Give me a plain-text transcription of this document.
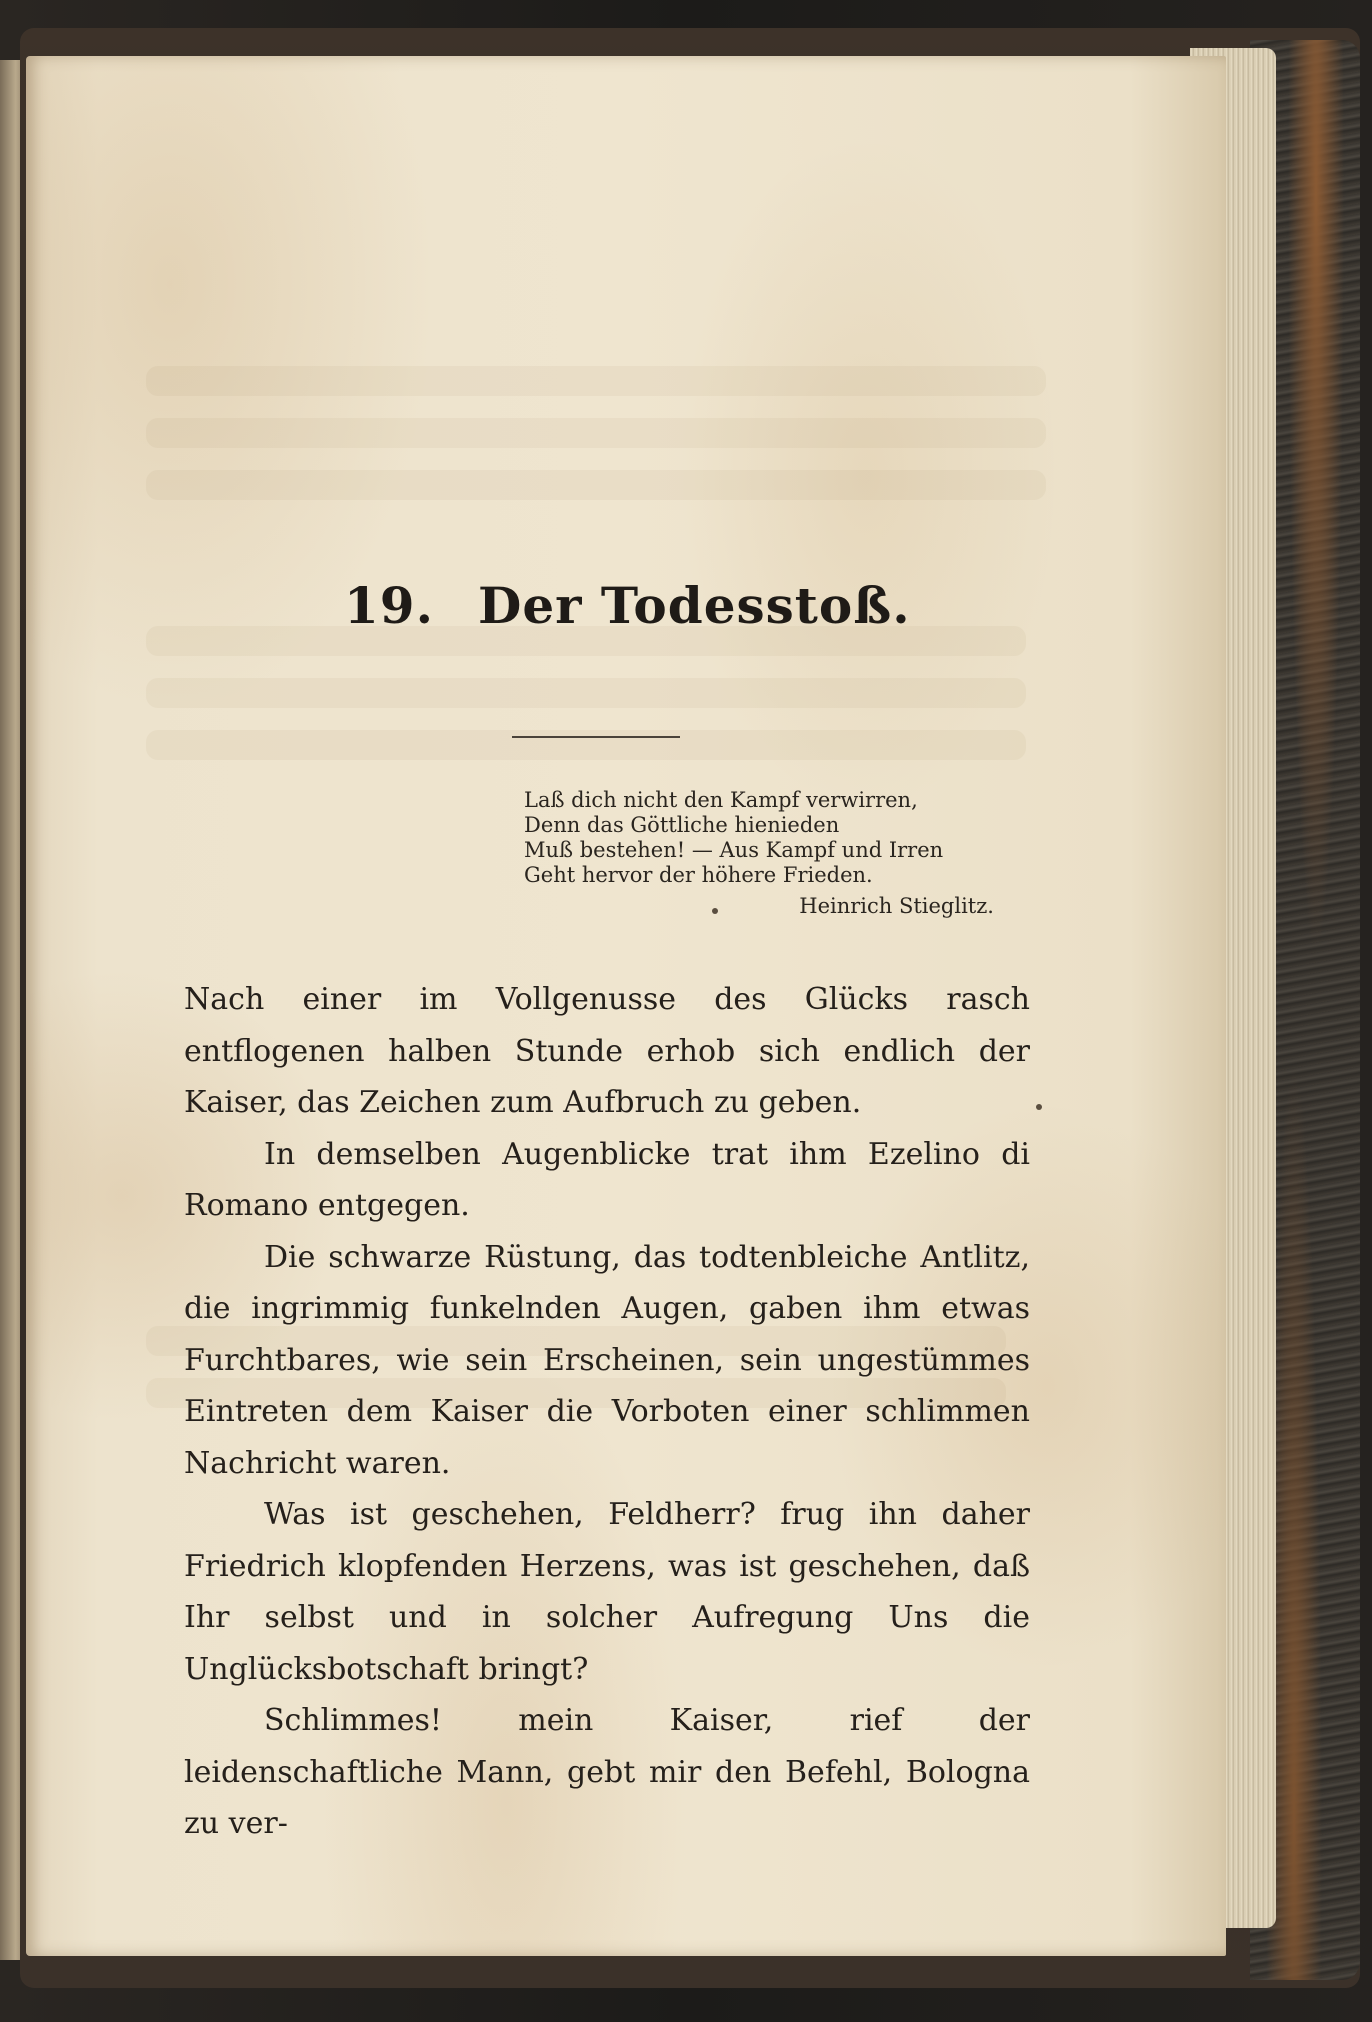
19. Der Todesstoß.
Laß dich nicht den Kampf verwirren,
Denn das Göttliche hienieden
Muß bestehen! — Aus Kampf und Irren
Geht hervor der höhere Frieden.
Heinrich Stieglitz.

Nach einer im Vollgenusse des Glücks rasch entflogenen halben Stunde erhob sich endlich der Kaiser, das Zeichen zum Aufbruch zu geben.

In demselben Augenblicke trat ihm Ezelino di Romano entgegen.

Die schwarze Rüstung, das todtenbleiche Antlitz, die ingrimmig funkelnden Augen, gaben ihm etwas Furchtbares, wie sein Erscheinen, sein ungestümmes Eintreten dem Kaiser die Vorboten einer schlimmen Nachricht waren.

Was ist geschehen, Feldherr? frug ihn daher Friedrich klopfenden Herzens, was ist geschehen, daß Ihr selbst und in solcher Aufregung Uns die Unglücksbotschaft bringt?

Schlimmes! mein Kaiser, rief der leidenschaftliche Mann, gebt mir den Befehl, Bologna zu ver-
